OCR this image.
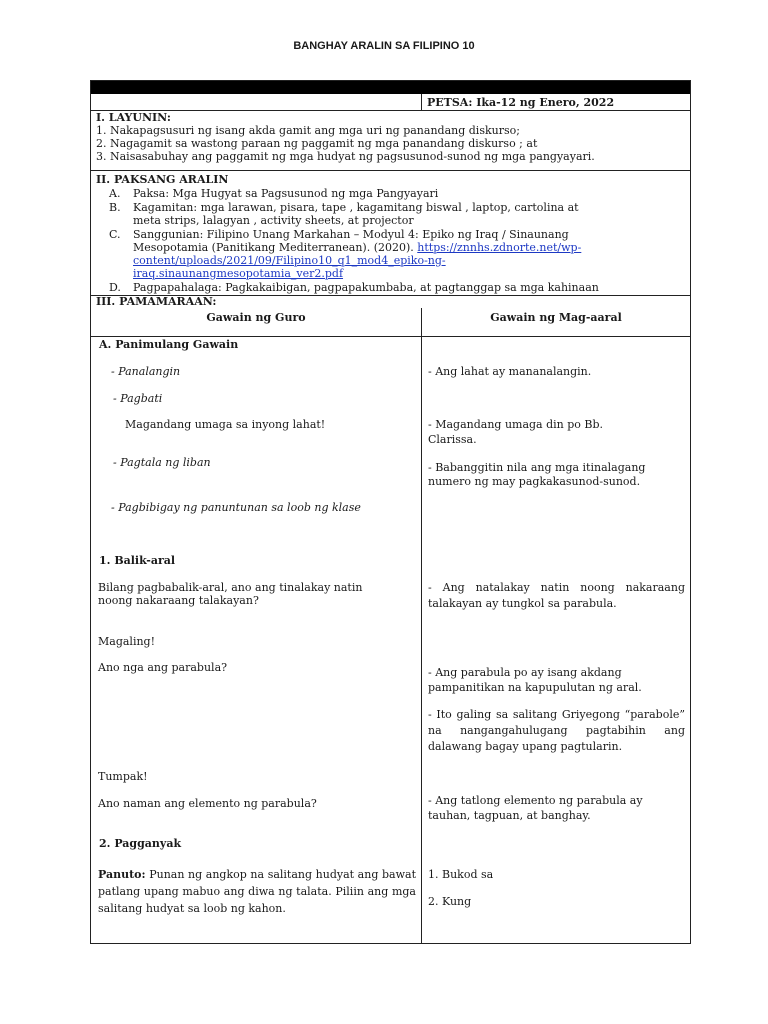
BANGHAY ARALIN SA FILIPINO 10
PETSA: Ika-12 ng Enero, 2022
I. LAYUNIN:
1. Nakapagsusuri ng isang akda gamit ang mga uri ng panandang diskurso;
2. Nagagamit sa wastong paraan ng paggamit ng mga panandang diskurso ; at
3. Naisasabuhay ang paggamit ng mga hudyat ng pagsusunod-sunod ng mga pangyayari.
II. PAKSANG ARALIN
A. Paksa: Mga Hugyat sa Pagsusunod ng mga Pangyayari
B. Kagamitan: mga larawan, pisara, tape , kagamitang biswal , laptop, cartolina at
meta strips, lalagyan , activity sheets, at projector
C. Sanggunian: Filipino Unang Markahan – Modyul 4: Epiko ng Iraq / Sinaunang
Mesopotamia (Panitikang Mediterranean). (2020). https://znnhs.zdnorte.net/wp-
content/uploads/2021/09/Filipino10_q1_mod4_epiko-ng-
iraq.sinaunangmesopotamia_ver2.pdf
D. Pagpapahalaga: Pagkakaibigan, pagpapakumbaba, at pagtanggap sa mga kahinaan
III. PAMAMARAAN:
Gawain ng Guro	Gawain ng Mag-aaral
A. Panimulang Gawain
- Panalangin
- Pagbati
Magandang umaga sa inyong lahat!
- Pagtala ng liban
- Pagbibigay ng panuntunan sa loob ng klase
1. Balik-aral
Bilang pagbabalik-aral, ano ang tinalakay natin
noong nakaraang talakayan?
Magaling!
Ano nga ang parabula?
Tumpak!
Ano naman ang elemento ng parabula?
2. Pagganyak
Panuto: Punan ng angkop na salitang hudyat ang bawat patlang upang mabuo ang diwa ng talata. Piliin ang mga salitang hudyat sa loob ng kahon.
- Ang lahat ay mananalangin.
- Magandang umaga din po Bb.
Clarissa.
- Babanggitin nila ang mga itinalagang
numero ng may pagkakasunod-sunod.
- Ang natalakay natin noong nakaraang talakayan ay tungkol sa parabula.
- Ang parabula po ay isang akdang
pampanitikan na kapupulutan ng aral.
- Ito galing sa salitang Griyegong “parabole” na nangangahulugang pagtabihin ang dalawang bagay upang pagtularin.
- Ang tatlong elemento ng parabula ay
tauhan, tagpuan, at banghay.
1. Bukod sa
2. Kung
